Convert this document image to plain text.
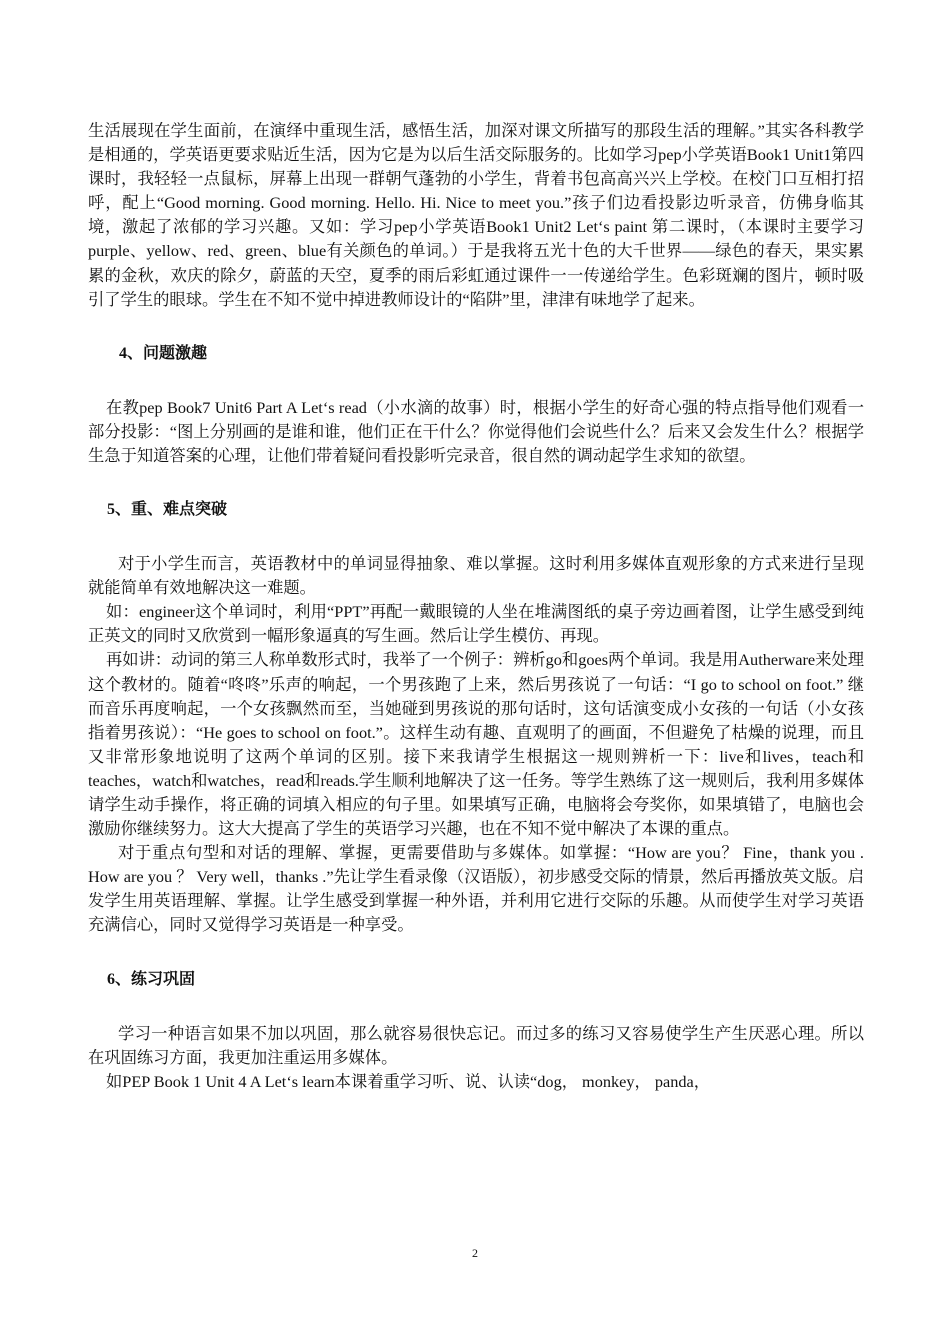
生活展现在学生面前，在演绎中重现生活，感悟生活，加深对课文所描写的那段生活的理解。”其实各科教学是相通的，学英语更要求贴近生活，因为它是为以后生活交际服务的。比如学习pep小学英语Book1 Unit1第四课时，我轻轻一点鼠标，屏幕上出现一群朝气蓬勃的小学生，背着书包高高兴兴上学校。在校门口互相打招呼，配上“Good morning. Good morning. Hello. Hi. Nice to meet you.”孩子们边看投影边听录音，仿佛身临其境，激起了浓郁的学习兴趣。又如：学习pep小学英语Book1 Unit2 Let‘s paint 第二课时，（本课时主要学习purple、yellow、red、green、blue有关颜色的单词。）于是我将五光十色的大千世界——绿色的春天，果实累累的金秋，欢庆的除夕，蔚蓝的天空，夏季的雨后彩虹通过课件一一传递给学生。色彩斑斓的图片，顿时吸引了学生的眼球。学生在不知不觉中掉进教师设计的“陷阱”里，津津有味地学了起来。

4、问题激趣

在教pep Book7 Unit6 Part A Let‘s read（小水滴的故事）时，根据小学生的好奇心强的特点指导他们观看一部分投影：“图上分别画的是谁和谁，他们正在干什么？你觉得他们会说些什么？后来又会发生什么？根据学生急于知道答案的心理，让他们带着疑问看投影听完录音，很自然的调动起学生求知的欲望。

5、重、难点突破

对于小学生而言，英语教材中的单词显得抽象、难以掌握。这时利用多媒体直观形象的方式来进行呈现就能简单有效地解决这一难题。

如：engineer这个单词时，利用“PPT”再配一戴眼镜的人坐在堆满图纸的桌子旁边画着图，让学生感受到纯正英文的同时又欣赏到一幅形象逼真的写生画。然后让学生模仿、再现。

再如讲：动词的第三人称单数形式时，我举了一个例子：辨析go和goes两个单词。我是用Autherware来处理这个教材的。随着“咚咚”乐声的响起，一个男孩跑了上来，然后男孩说了一句话：“I go to school on foot.” 继而音乐再度响起，一个女孩飘然而至，当她碰到男孩说的那句话时，这句话演变成小女孩的一句话（小女孩指着男孩说）：“He goes to school on foot.”。这样生动有趣、直观明了的画面，不但避免了枯燥的说理，而且又非常形象地说明了这两个单词的区别。接下来我请学生根据这一规则辨析一下：live和lives，teach和teaches，watch和watches，read和reads.学生顺利地解决了这一任务。等学生熟练了这一规则后，我利用多媒体请学生动手操作，将正确的词填入相应的句子里。如果填写正确，电脑将会夸奖你，如果填错了，电脑也会激励你继续努力。这大大提高了学生的英语学习兴趣，也在不知不觉中解决了本课的重点。

对于重点句型和对话的理解、掌握，更需要借助与多媒体。如掌握：“How are you？ Fine，thank you . How are you ？ Very well，thanks .”先让学生看录像（汉语版），初步感受交际的情景，然后再播放英文版。启发学生用英语理解、掌握。让学生感受到掌握一种外语，并利用它进行交际的乐趣。从而使学生对学习英语充满信心，同时又觉得学习英语是一种享受。

6、练习巩固

学习一种语言如果不加以巩固，那么就容易很快忘记。而过多的练习又容易使学生产生厌恶心理。所以在巩固练习方面，我更加注重运用多媒体。

如PEP Book 1 Unit 4 A Let‘s learn本课着重学习听、说、认读“dog， monkey， panda，

2
